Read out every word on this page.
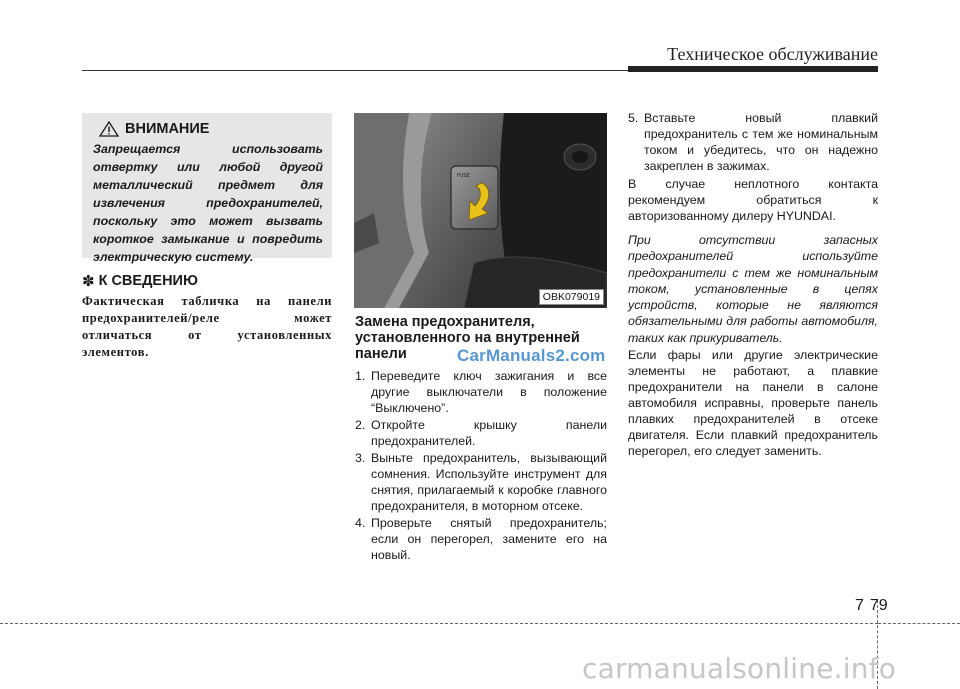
Техническое обслуживание
ВНИМАНИЕ

Запрещается использовать отвертку или любой другой металлический предмет для извлечения предохранителей, поскольку это может вызвать короткое замыкание и повредить электрическую систему.

✽ К СВЕДЕНИЮ

Фактическая табличка на панели предохранителей/реле может отличаться от установленных элементов.

FUSE
OBK079019

Замена предохранителя, установленного на внутренней панели	CarManuals2.com
1. Переведите ключ зажигания и все другие выключатели в положение “Выключено”.
2. Откройте крышку панели предохранителей.
3. Выньте предохранитель, вызывающий сомнения. Используйте инструмент для снятия, прилагаемый к коробке главного предохранителя, в моторном отсеке.
4. Проверьте снятый предохранитель; если он перегорел, замените его на новый.
5. Вставьте новый плавкий предохранитель с тем же номинальным током и убедитесь, что он надежно закреплен в зажимах.

В случае неплотного контакта рекомендуем обратиться к авторизованному дилеру HYUNDAI.

При отсутствии запасных предохранителей используйте предохранители с тем же номинальным током, установленные в цепях устройств, которые не являются обязательными для работы автомобиля, таких как прикуриватель.

Если фары или другие электрические элементы не работают, а плавкие предохранители на панели в салоне автомобиля исправны, проверьте панель плавких предохранителей в отсеке двигателя. Если плавкий предохранитель перегорел, его следует заменить.

7 79
carmanualsonline.info
